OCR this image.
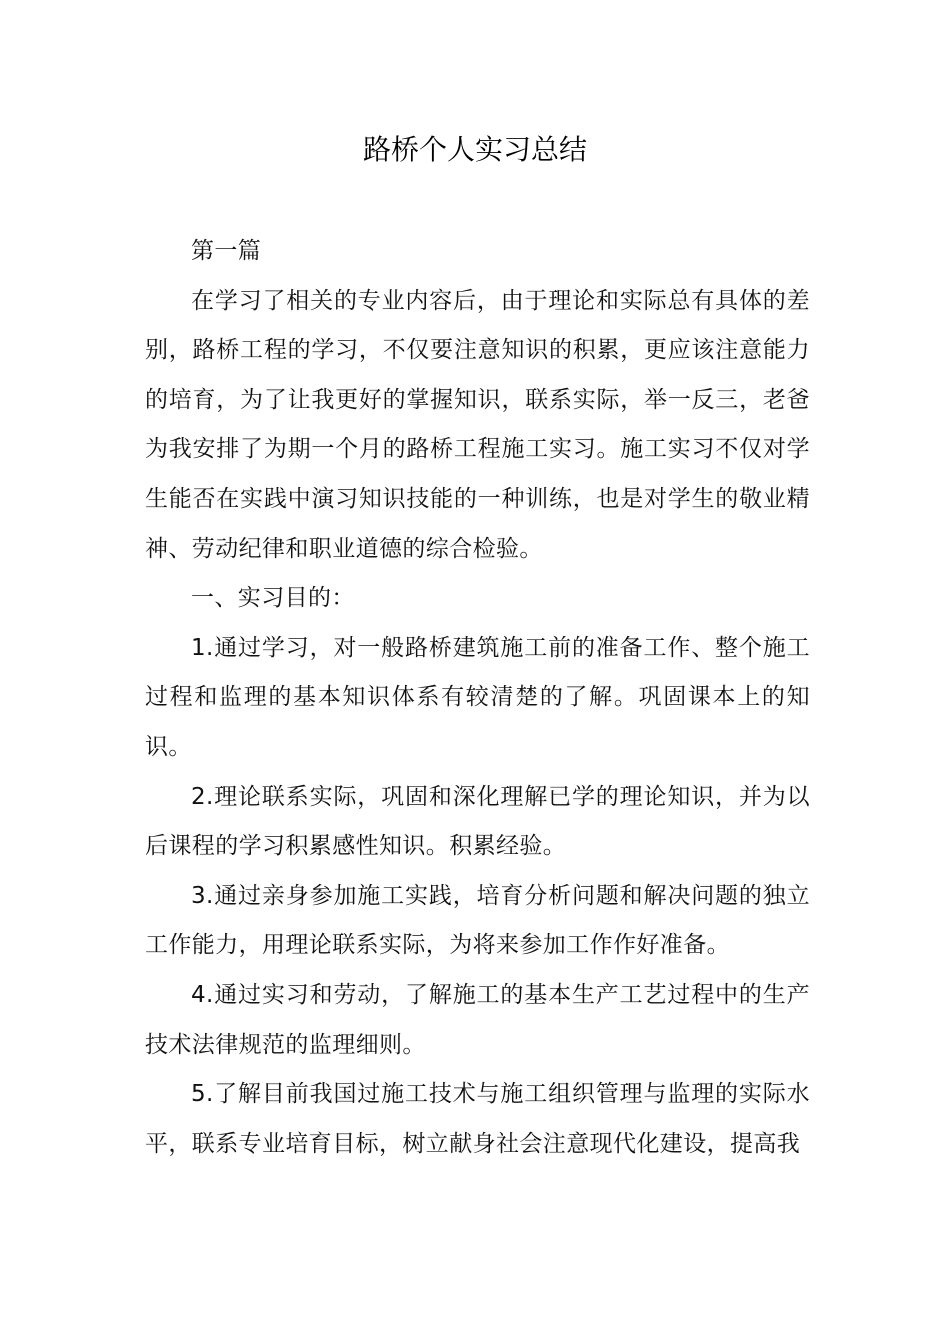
路桥个人实习总结

第一篇

在学习了相关的专业内容后，由于理论和实际总有具体的差别，路桥工程的学习，不仅要注意知识的积累，更应该注意能力的培育，为了让我更好的掌握知识，联系实际，举一反三，老爸为我安排了为期一个月的路桥工程施工实习。施工实习不仅对学生能否在实践中演习知识技能的一种训练，也是对学生的敬业精神、劳动纪律和职业道德的综合检验。

一、实习目的：

1.通过学习，对一般路桥建筑施工前的准备工作、整个施工过程和监理的基本知识体系有较清楚的了解。巩固课本上的知识。

2.理论联系实际，巩固和深化理解已学的理论知识，并为以后课程的学习积累感性知识。积累经验。

3.通过亲身参加施工实践，培育分析问题和解决问题的独立工作能力，用理论联系实际，为将来参加工作作好准备。

4.通过实习和劳动，了解施工的基本生产工艺过程中的生产技术法律规范的监理细则。

5.了解目前我国过施工技术与施工组织管理与监理的实际水平，联系专业培育目标，树立献身社会注意现代化建设，提高我
